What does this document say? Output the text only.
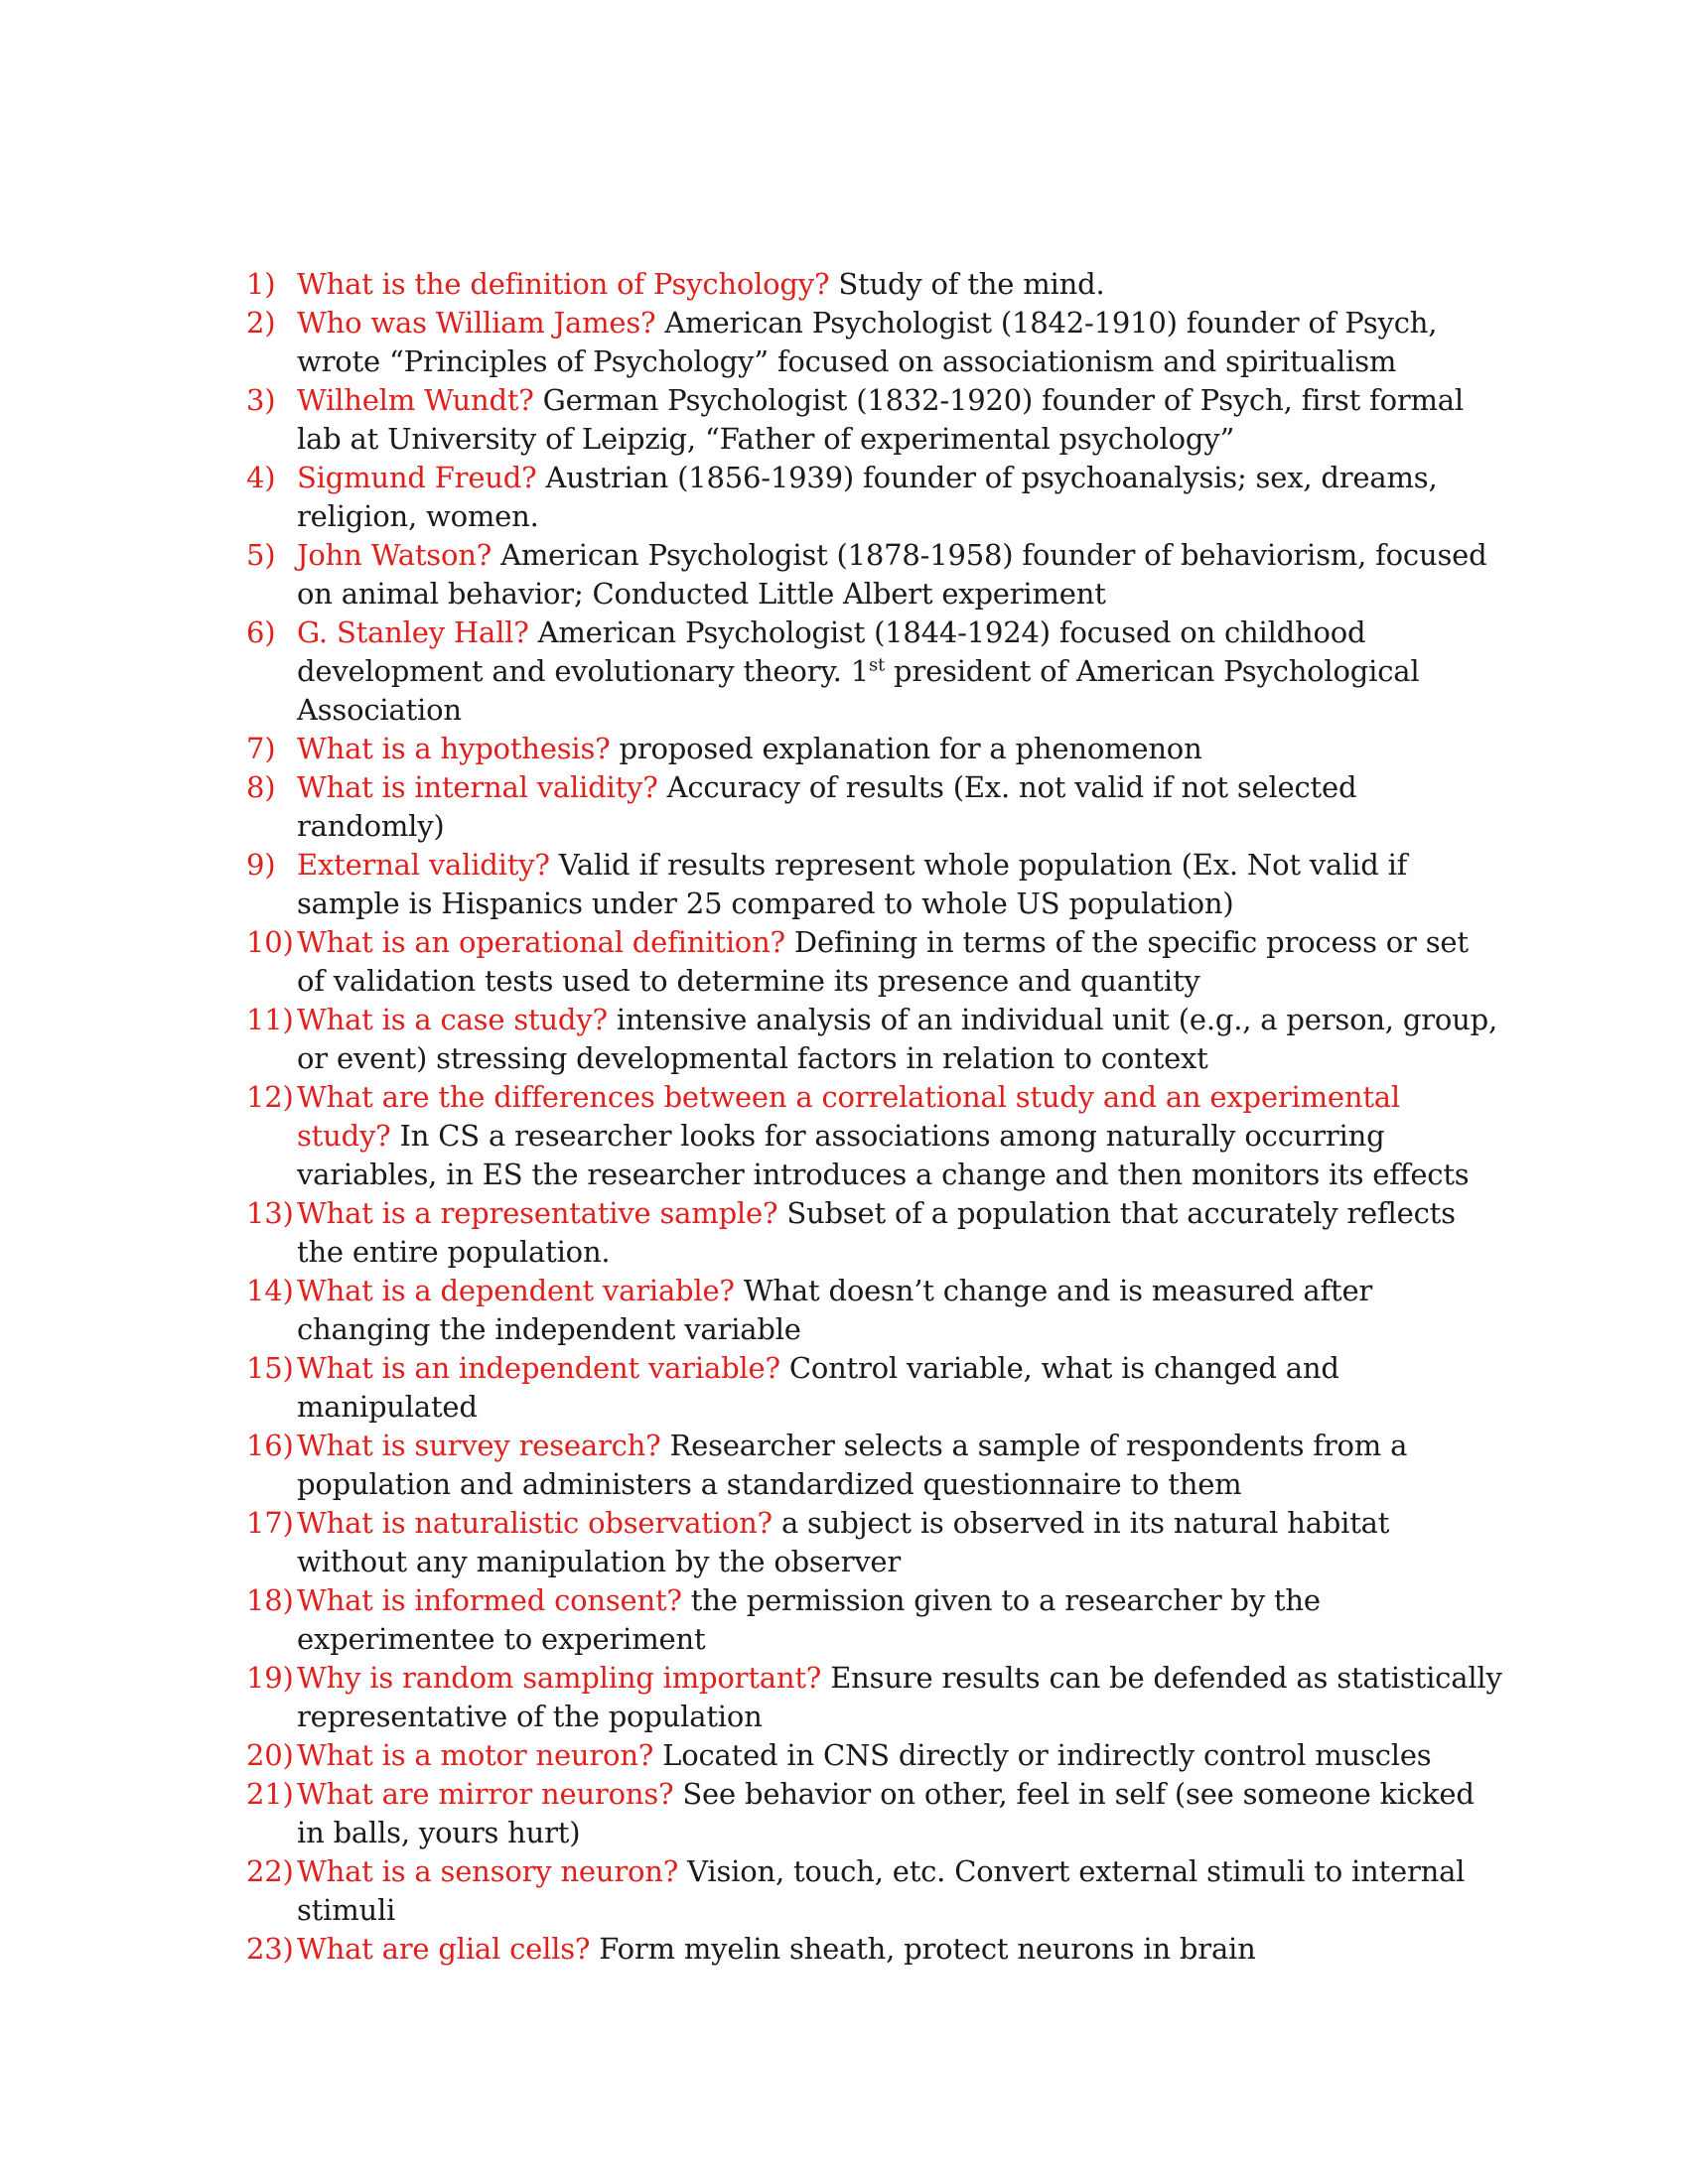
1) What is the definition of Psychology? Study of the mind.
2) Who was William James? American Psychologist (1842-1910) founder of Psych, wrote “Principles of Psychology” focused on associationism and spiritualism
3) Wilhelm Wundt? German Psychologist (1832-1920) founder of Psych, first formal lab at University of Leipzig, “Father of experimental psychology”
4) Sigmund Freud? Austrian (1856-1939) founder of psychoanalysis; sex, dreams, religion, women.
5) John Watson? American Psychologist (1878-1958) founder of behaviorism, focused on animal behavior; Conducted Little Albert experiment
6) G. Stanley Hall? American Psychologist (1844-1924) focused on childhood development and evolutionary theory. 1st president of American Psychological Association
7) What is a hypothesis? proposed explanation for a phenomenon
8) What is internal validity? Accuracy of results (Ex. not valid if not selected randomly)
9) External validity? Valid if results represent whole population (Ex. Not valid if sample is Hispanics under 25 compared to whole US population)
10) What is an operational definition? Defining in terms of the specific process or set of validation tests used to determine its presence and quantity
11) What is a case study? intensive analysis of an individual unit (e.g., a person, group, or event) stressing developmental factors in relation to context
12) What are the differences between a correlational study and an experimental study? In CS a researcher looks for associations among naturally occurring variables, in ES the researcher introduces a change and then monitors its effects
13) What is a representative sample? Subset of a population that accurately reflects the entire population.
14) What is a dependent variable? What doesn’t change and is measured after changing the independent variable
15) What is an independent variable? Control variable, what is changed and manipulated
16) What is survey research? Researcher selects a sample of respondents from a population and administers a standardized questionnaire to them
17) What is naturalistic observation? a subject is observed in its natural habitat without any manipulation by the observer
18) What is informed consent? the permission given to a researcher by the experimentee to experiment
19) Why is random sampling important? Ensure results can be defended as statistically representative of the population
20) What is a motor neuron? Located in CNS directly or indirectly control muscles
21) What are mirror neurons? See behavior on other, feel in self (see someone kicked in balls, yours hurt)
22) What is a sensory neuron? Vision, touch, etc. Convert external stimuli to internal stimuli
23) What are glial cells? Form myelin sheath, protect neurons in brain
